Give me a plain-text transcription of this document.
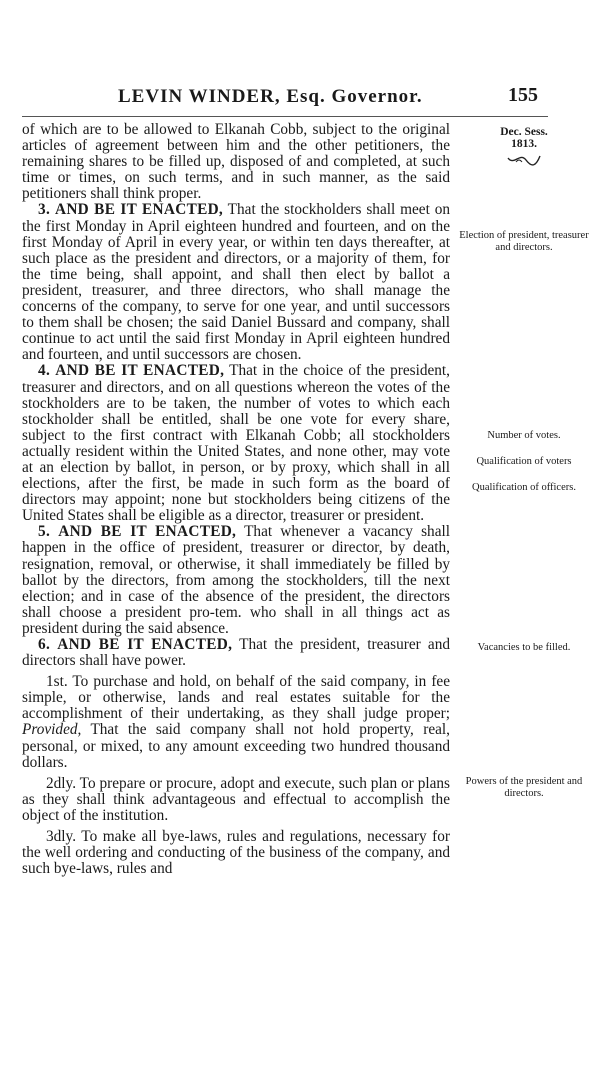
LEVIN WINDER, Esq. Governor.	155
Dec. Sess.
1813.
Election of president, treasurer and directors.
Number of votes.
Qualification of voters
Qualification of officers.
Vacancies to be filled.
Powers of the president and directors.

of which are to be allowed to Elkanah Cobb, subject to the original articles of agreement between him and the other petitioners, the remaining shares to be filled up, disposed of and completed, at such time or times, on such terms, and in such manner, as the said petitioners shall think proper.

3. AND BE IT ENACTED, That the stockholders shall meet on the first Monday in April eighteen hundred and fourteen, and on the first Monday of April in every year, or within ten days thereafter, at such place as the president and directors, or a majority of them, for the time being, shall appoint, and shall then elect by ballot a president, treasurer, and three directors, who shall manage the concerns of the company, to serve for one year, and until successors to them shall be chosen; the said Daniel Bussard and company, shall continue to act until the said first Monday in April eighteen hundred and fourteen, and until successors are chosen.

4. AND BE IT ENACTED, That in the choice of the president, treasurer and directors, and on all questions whereon the votes of the stockholders are to be taken, the number of votes to which each stockholder shall be entitled, shall be one vote for every share, subject to the first contract with Elkanah Cobb; all stockholders actually resident within the United States, and none other, may vote at an election by ballot, in person, or by proxy, which shall in all elections, after the first, be made in such form as the board of directors may appoint; none but stockholders being citizens of the United States shall be eligible as a director, treasurer or president.

5. AND BE IT ENACTED, That whenever a vacancy shall happen in the office of president, treasurer or director, by death, resignation, removal, or otherwise, it shall immediately be filled by ballot by the directors, from among the stockholders, till the next election; and in case of the absence of the president, the directors shall choose a president pro-tem. who shall in all things act as president during the said absence.

6. AND BE IT ENACTED, That the president, treasurer and directors shall have power.

1st. To purchase and hold, on behalf of the said company, in fee simple, or otherwise, lands and real estates suitable for the accomplishment of their undertaking, as they shall judge proper; Provided, That the said company shall not hold property, real, personal, or mixed, to any amount exceeding two hundred thousand dollars.

2dly. To prepare or procure, adopt and execute, such plan or plans as they shall think advantageous and effectual to accomplish the object of the institution.

3dly. To make all bye-laws, rules and regulations, necessary for the well ordering and conducting of the business of the company, and such bye-laws, rules and
